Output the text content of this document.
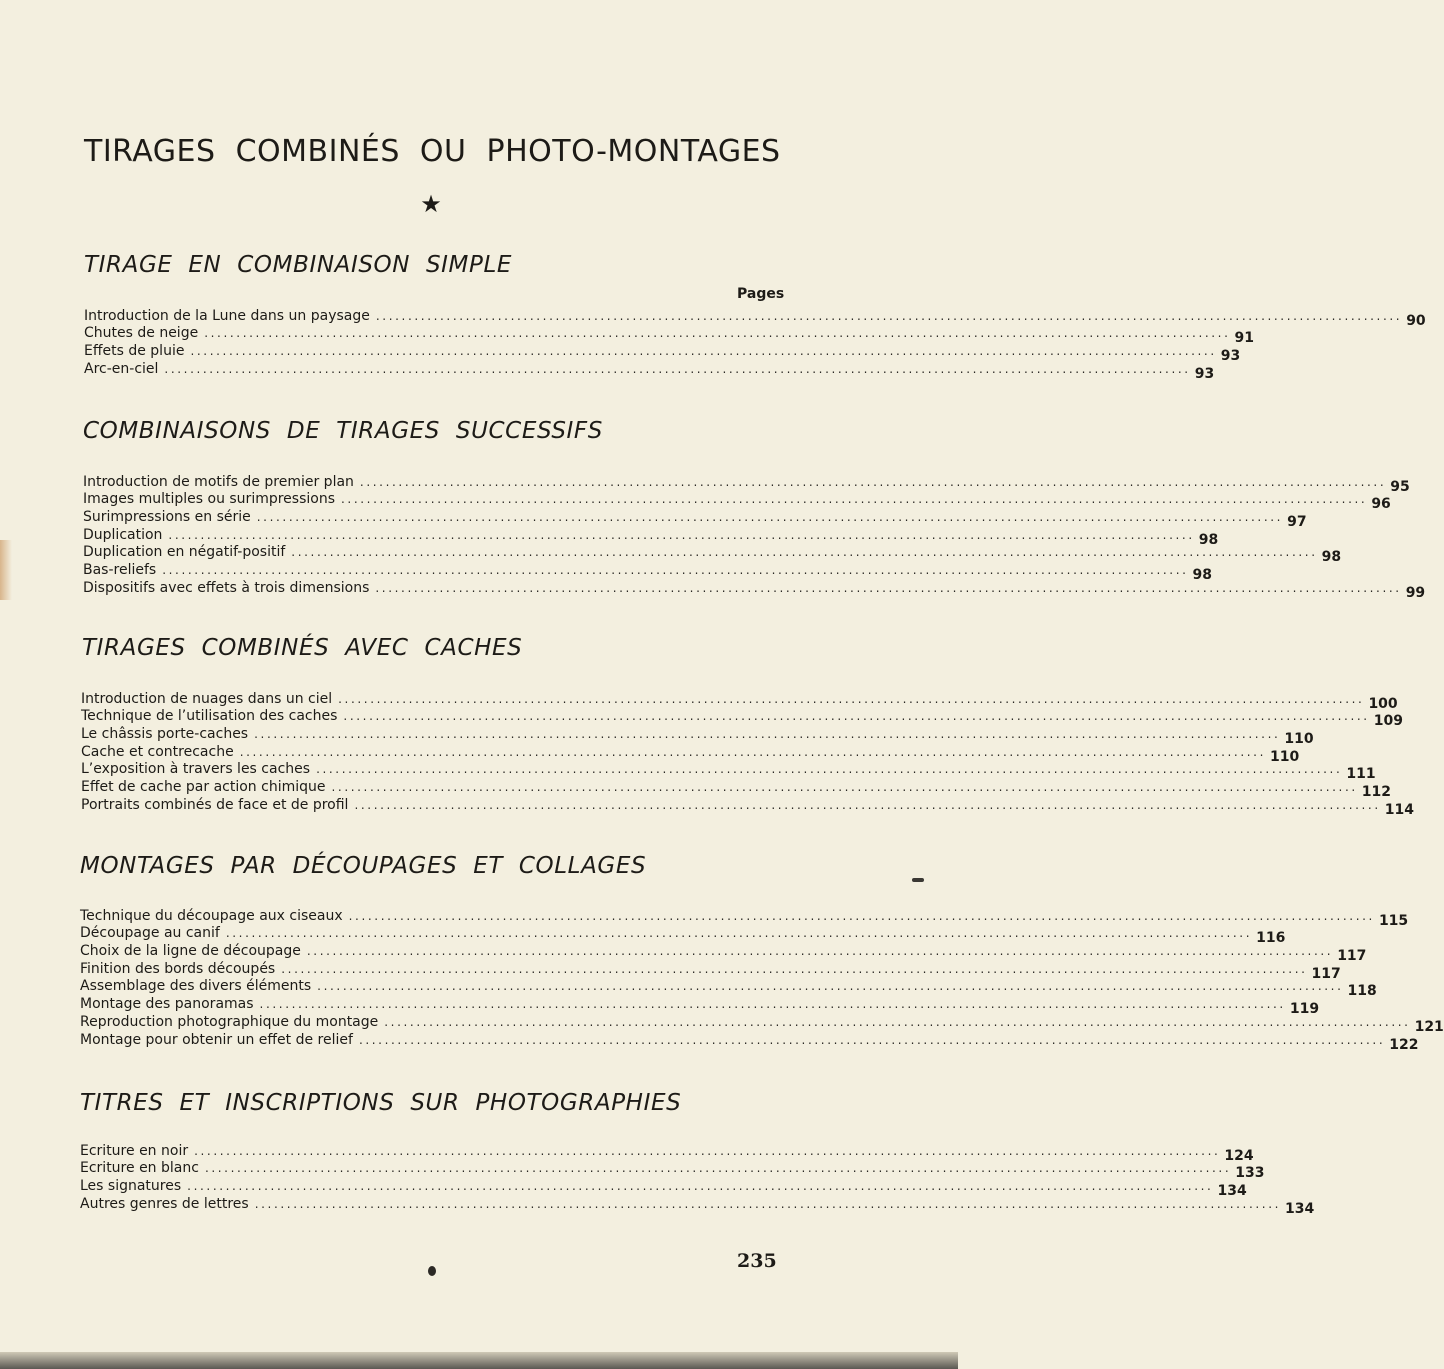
TIRAGES COMBINÉS OU PHOTO-MONTAGES
★
TIRAGE EN COMBINAISON SIMPLE
Pages
Introduction de la Lune dans un paysage ................................................................................................................................................................ 90
Chutes de neige ................................................................................................................................................................ 91
Effets de pluie ................................................................................................................................................................ 93
Arc-en-ciel ................................................................................................................................................................ 93
COMBINAISONS DE TIRAGES SUCCESSIFS
Introduction de motifs de premier plan ................................................................................................................................................................ 95
Images multiples ou surimpressions ................................................................................................................................................................ 96
Surimpressions en série ................................................................................................................................................................ 97
Duplication ................................................................................................................................................................ 98
Duplication en négatif-positif ................................................................................................................................................................ 98
Bas-reliefs ................................................................................................................................................................ 98
Dispositifs avec effets à trois dimensions ................................................................................................................................................................ 99
TIRAGES COMBINÉS AVEC CACHES
Introduction de nuages dans un ciel ................................................................................................................................................................ 100
Technique de l’utilisation des caches ................................................................................................................................................................ 109
Le châssis porte-caches ................................................................................................................................................................ 110
Cache et contrecache ................................................................................................................................................................ 110
L’exposition à travers les caches ................................................................................................................................................................ 111
Effet de cache par action chimique ................................................................................................................................................................ 112
Portraits combinés de face et de profil ................................................................................................................................................................ 114
MONTAGES PAR DÉCOUPAGES ET COLLAGES
Technique du découpage aux ciseaux ................................................................................................................................................................ 115
Découpage au canif ................................................................................................................................................................ 116
Choix de la ligne de découpage ................................................................................................................................................................ 117
Finition des bords découpés ................................................................................................................................................................ 117
Assemblage des divers éléments ................................................................................................................................................................ 118
Montage des panoramas ................................................................................................................................................................ 119
Reproduction photographique du montage ................................................................................................................................................................ 121
Montage pour obtenir un effet de relief ................................................................................................................................................................ 122
TITRES ET INSCRIPTIONS SUR PHOTOGRAPHIES
Ecriture en noir ................................................................................................................................................................ 124
Ecriture en blanc ................................................................................................................................................................ 133
Les signatures ................................................................................................................................................................ 134
Autres genres de lettres ................................................................................................................................................................ 134
235
